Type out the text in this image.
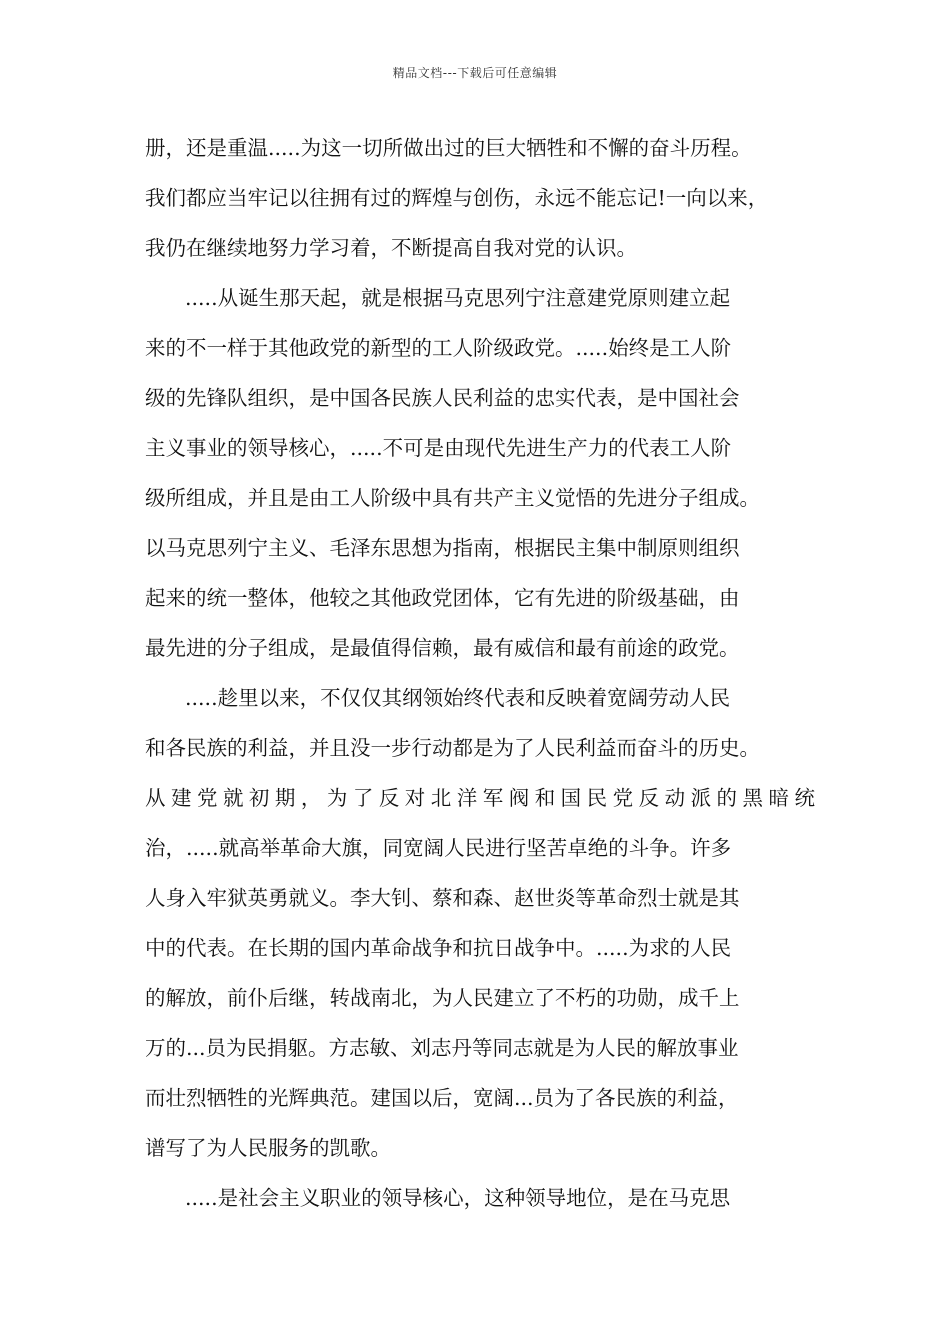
精品文档---下载后可任意编辑
册，还是重温.....为这一切所做出过的巨大牺牲和不懈的奋斗历程。
我们都应当牢记以往拥有过的辉煌与创伤，永远不能忘记!一向以来，
我仍在继续地努力学习着，不断提高自我对党的认识。
.....从诞生那天起，就是根据马克思列宁注意建党原则建立起
来的不一样于其他政党的新型的工人阶级政党。.....始终是工人阶
级的先锋队组织，是中国各民族人民利益的忠实代表，是中国社会
主义事业的领导核心，.....不可是由现代先进生产力的代表工人阶
级所组成，并且是由工人阶级中具有共产主义觉悟的先进分子组成。
以马克思列宁主义、毛泽东思想为指南，根据民主集中制原则组织
起来的统一整体，他较之其他政党团体，它有先进的阶级基础，由
最先进的分子组成，是最值得信赖，最有威信和最有前途的政党。
.....趁里以来，不仅仅其纲领始终代表和反映着宽阔劳动人民
和各民族的利益，并且没一步行动都是为了人民利益而奋斗的历史。
从建党就初期，为了反对北洋军阀和国民党反动派的黑暗统
治，.....就高举革命大旗，同宽阔人民进行坚苦卓绝的斗争。许多
人身入牢狱英勇就义。李大钊、蔡和森、赵世炎等革命烈士就是其
中的代表。在长期的国内革命战争和抗日战争中。.....为求的人民
的解放，前仆后继，转战南北，为人民建立了不朽的功勋，成千上
万的...员为民捐躯。方志敏、刘志丹等同志就是为人民的解放事业
而壮烈牺牲的光辉典范。建国以后，宽阔...员为了各民族的利益，
谱写了为人民服务的凯歌。
.....是社会主义职业的领导核心，这种领导地位，是在马克思
